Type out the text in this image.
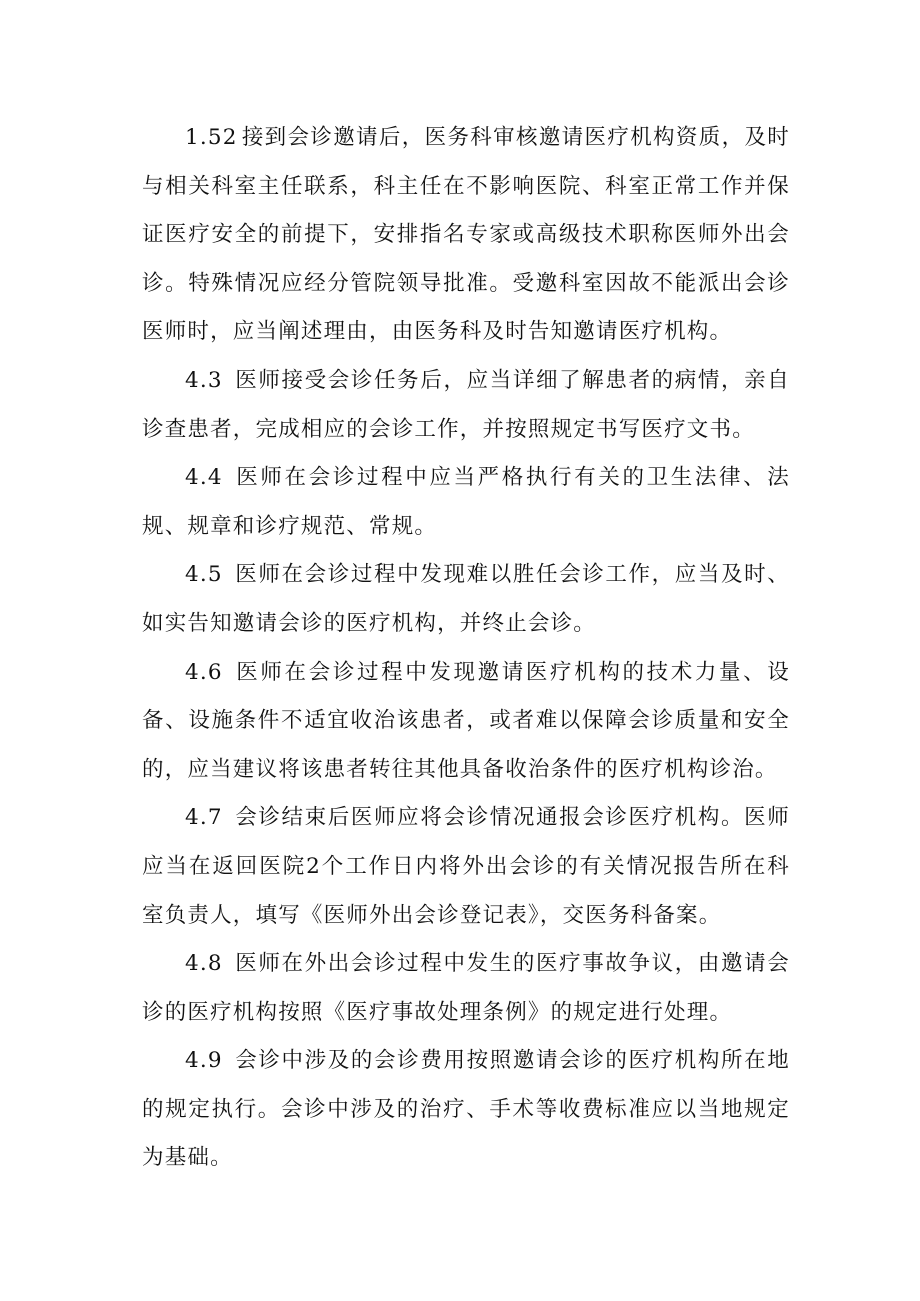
1.52 接到会诊邀请后，医务科审核邀请医疗机构资质，及时与相关科室主任联系，科主任在不影响医院、科室正常工作并保证医疗安全的前提下，安排指名专家或高级技术职称医师外出会诊。特殊情况应经分管院领导批准。受邀科室因故不能派出会诊医师时，应当阐述理由，由医务科及时告知邀请医疗机构。

4.3 医师接受会诊任务后，应当详细了解患者的病情，亲自诊查患者，完成相应的会诊工作，并按照规定书写医疗文书。

4.4 医师在会诊过程中应当严格执行有关的卫生法律、法规、规章和诊疗规范、常规。

4.5 医师在会诊过程中发现难以胜任会诊工作，应当及时、如实告知邀请会诊的医疗机构，并终止会诊。

4.6 医师在会诊过程中发现邀请医疗机构的技术力量、设备、设施条件不适宜收治该患者，或者难以保障会诊质量和安全的，应当建议将该患者转往其他具备收治条件的医疗机构诊治。

4.7 会诊结束后医师应将会诊情况通报会诊医疗机构。医师应当在返回医院2个工作日内将外出会诊的有关情况报告所在科室负责人，填写《医师外出会诊登记表》，交医务科备案。

4.8 医师在外出会诊过程中发生的医疗事故争议，由邀请会诊的医疗机构按照《医疗事故处理条例》的规定进行处理。

4.9 会诊中涉及的会诊费用按照邀请会诊的医疗机构所在地的规定执行。会诊中涉及的治疗、手术等收费标准应以当地规定为基础。
